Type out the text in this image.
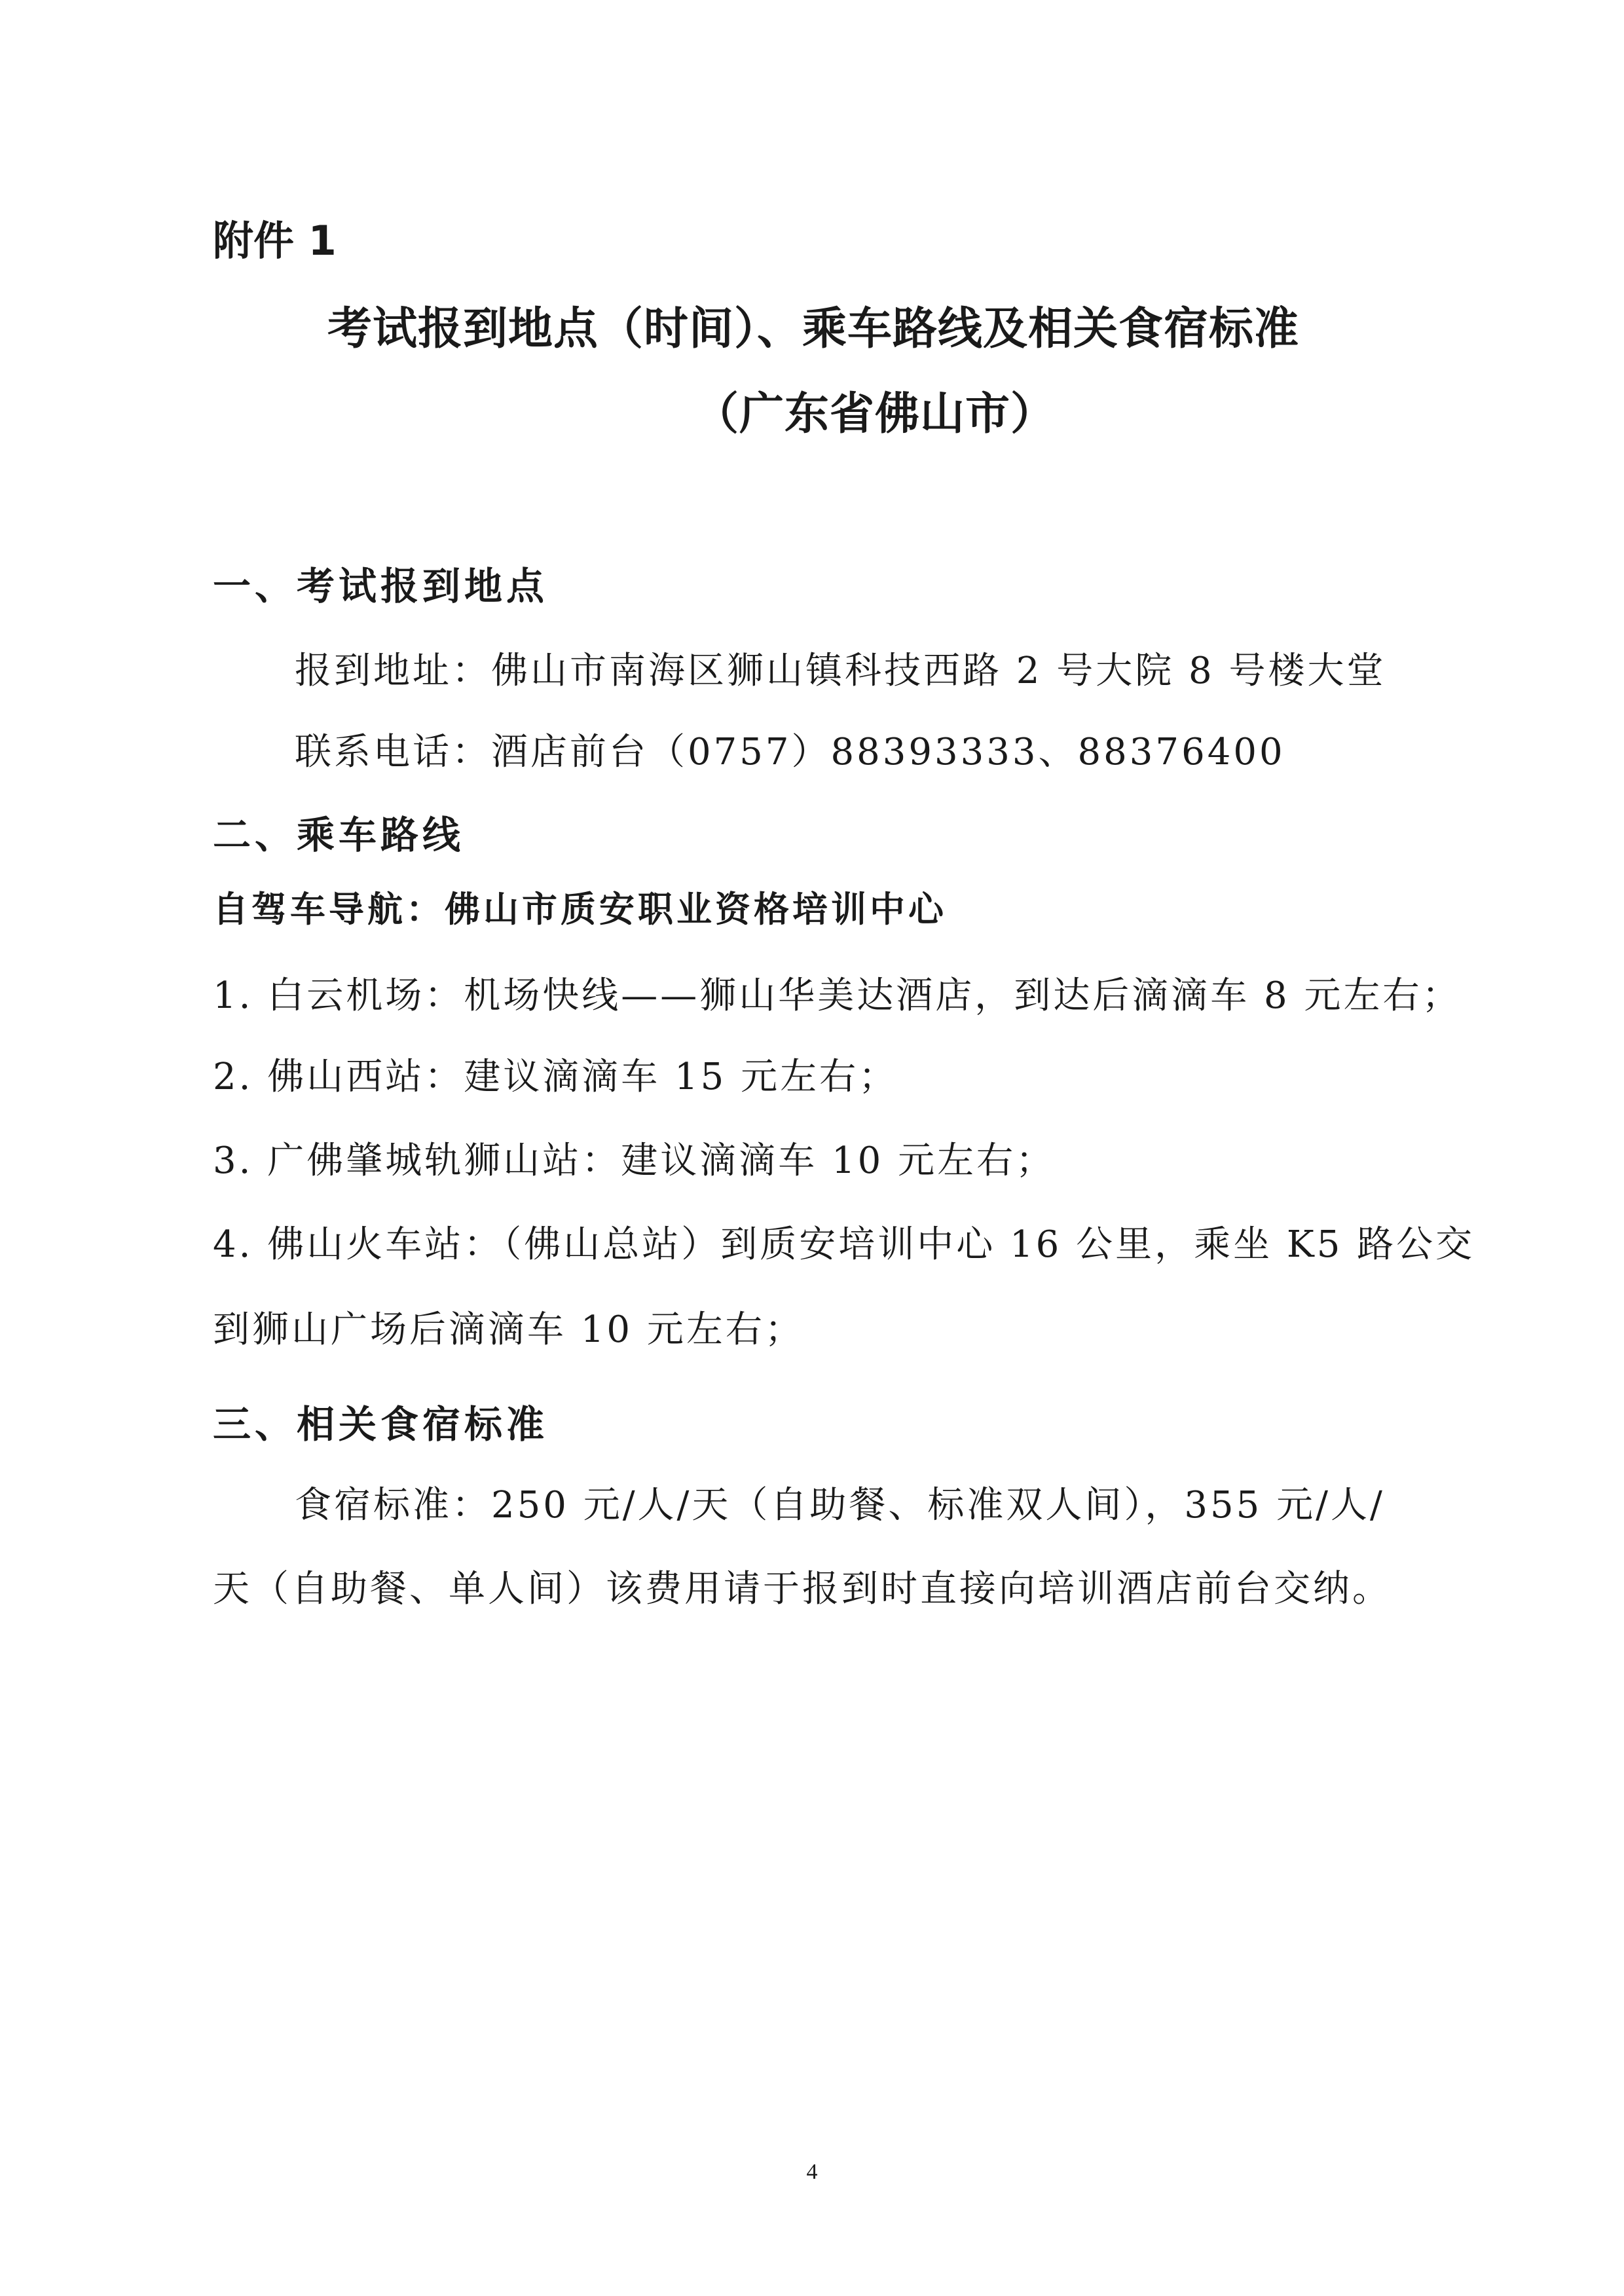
附件 1

考试报到地点（时间）、乘车路线及相关食宿标准

（广东省佛山市）

一、考试报到地点

报到地址：佛山市南海区狮山镇科技西路 2 号大院 8 号楼大堂

联系电话：酒店前台（0757）88393333、88376400

二、乘车路线

自驾车导航：佛山市质安职业资格培训中心

1. 白云机场：机场快线——狮山华美达酒店，到达后滴滴车 8 元左右；

2. 佛山西站：建议滴滴车 15 元左右；

3. 广佛肇城轨狮山站：建议滴滴车 10 元左右；

4. 佛山火车站：（佛山总站）到质安培训中心 16 公里，乘坐 K5 路公交

到狮山广场后滴滴车 10 元左右；

三、相关食宿标准

食宿标准：250 元/人/天（自助餐、标准双人间），355 元/人/

天（自助餐、单人间）该费用请于报到时直接向培训酒店前台交纳。

4
